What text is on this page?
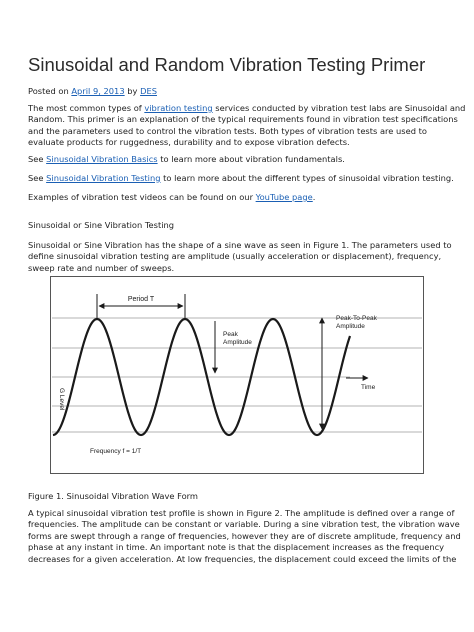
Sinusoidal and Random Vibration Testing Primer
Posted on April 9, 2013 by DES
The most common types of vibration testing services conducted by vibration test labs are Sinusoidal and
Random. This primer is an explanation of the typical requirements found in vibration test specifications
and the parameters used to control the vibration tests. Both types of vibration tests are used to
evaluate products for ruggedness, durability and to expose vibration defects.
See Sinusoidal Vibration Basics to learn more about vibration fundamentals.
See Sinusoidal Vibration Testing to learn more about the different types of sinusoidal vibration testing.
Examples of vibration test videos can be found on our YouTube page.
Sinusoidal or Sine Vibration Testing
Sinusoidal or Sine Vibration has the shape of a sine wave as seen in Figure 1. The parameters used to
define sinusoidal vibration testing are amplitude (usually acceleration or displacement), frequency,
sweep rate and number of sweeps.
Period T
Peak
Amplitude
Peak-To-Peak
Amplitude
Time
G Level
Frequency f = 1/T
Figure 1. Sinusoidal Vibration Wave Form
A typical sinusoidal vibration test profile is shown in Figure 2. The amplitude is defined over a range of
frequencies. The amplitude can be constant or variable. During a sine vibration test, the vibration wave
forms are swept through a range of frequencies, however they are of discrete amplitude, frequency and
phase at any instant in time. An important note is that the displacement increases as the frequency
decreases for a given acceleration. At low frequencies, the displacement could exceed the limits of the
